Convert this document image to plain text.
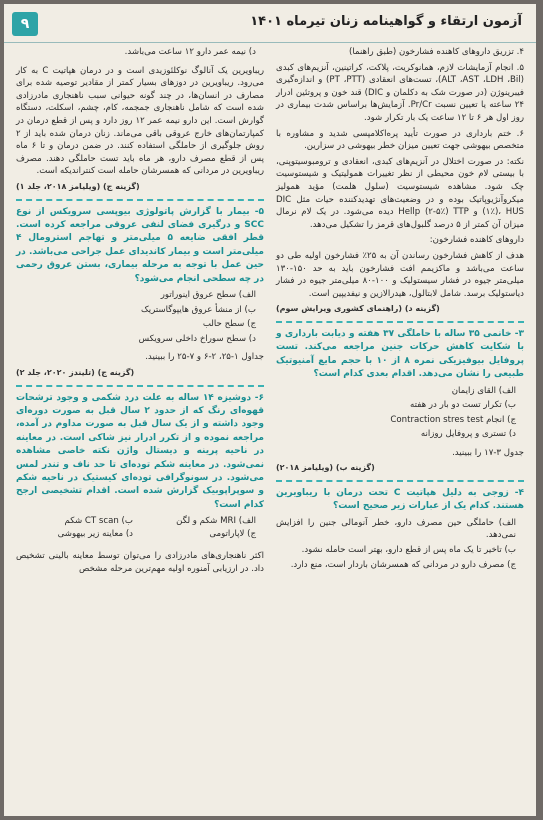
۹	آزمون ارتقاء و گواهینامه زنان تیرماه ۱۴۰۱

۴. تزریق داروهای کاهنده فشارخون (طبق راهنما)

۵. انجام آزمایشات لازم، همانوکریت، پلاکت، کراتینین، آنزیم‌های کبدی (ALT ،AST ،LDH ،Bil)، تست‌های انعقادی (PT ،PTT) و اندازه‌گیری فیبرینوژن (در صورت شک به دکلمان و DIC) قند خون و پروتئین ادرار ۲۴ ساعته یا تعیین نسبت Pr/Cr. آزمایش‌ها براساس شدت بیماری در روز اول هر ۶ تا ۱۲ ساعت یک بار تکرار شود.

۶. ختم بارداری در صورت تأیید پره‌اکلامپسی شدید و مشاوره با متخصص بیهوشی جهت تعیین میزان خطر بیهوشی در سزارین.

نکته: در صورت اختلال در آنزیم‌های کبدی، انعقادی و ترومبوسیتوپنی، با بیستی لام خون محیطی از نظر تغییرات همولیتیک و شیستوسیت چک شود. مشاهده شیستوسیت (سلول هلمت) مؤید همولیز میکروآنژیوپاتیک بوده و در وضعیت‌های تهدیدکننده حیات مثل DIC (۱٪)، HUS و Hellp (۲-۵٪) TTP دیده می‌شود. در یک لام نرمال میزان آن کمتر از ۵ درصد گلبول‌های قرمز را تشکیل می‌دهد.

داروهای کاهنده فشارخون:

هدف از کاهش فشارخون رساندن آن به ۲۵٪ فشارخون اولیه طی دو ساعت می‌باشد و ماکزیمم افت فشارخون باید به حد ۱۵۰-۱۳۰ میلی‌متر جیوه در فشار سیستولیک و ۱۰۰-۸۰ میلی‌متر جیوه در فشار دیاستولیک برسد. شامل لابتالول، هیدرالازین و نیفدیپین است.

(گزینه د) (راهنمای کشوری ویرایش سوم)
۳- خانمی ۳۵ ساله با حاملگی ۳۷ هفته و دیابت بارداری و با شکایت کاهش حرکات جنین مراجعه می‌کند. تست پروفایل بیوفیزیکی نمره ۸ از ۱۰ با حجم مایع آمنیوتیک طبیعی را نشان می‌دهد. اقدام بعدی کدام است؟
الف) القای زایمان
ب) تکرار تست دو بار در هفته
ج) انجام Contraction stres test
د) تستری و پروفایل روزانه

جدول ۳-۱۷ را ببینید.

(گزینه ب) (ویلیامز ۲۰۱۸)
۴- زوجی به دلیل هپاتیت C تحت درمان با ریباویرین هستند. کدام یک از عبارات زیر صحیح است؟
الف) حاملگی حین مصرف دارو، خطر آنومالی جنین را افزایش نمی‌دهد.
ب) تاخیر تا یک ماه پس از قطع دارو، بهتر است حامله نشود.
ج) مصرف دارو در مردانی که همسرشان باردار است، منع دارد.
د) نیمه عمر دارو ۱۲ ساعت می‌باشد.

ریباویرین یک آنالوگ نوکلئوزیدی است و در درمان هپاتیت C به کار می‌رود. ریباویرین در دوزهای بسیار کمتر از مقادیر توصیه شده برای مصارف در انسان‌ها، در چند گونه حیوانی سبب ناهنجاری مادرزادی شده است که شامل ناهنجاری جمجمه، کام، چشم، اسکلت، دستگاه گوارش است. این دارو نیمه عمر ۱۲ روز دارد و پس از قطع درمان در کمپارتمان‌های خارج عروقی باقی می‌ماند. زنان درمان شده باید از ۲ روش جلوگیری از حاملگی استفاده کنند. در ضمن درمان و تا ۶ ماه پس از قطع مصرف دارو، هر ماه باید تست حاملگی دهند. مصرف ریباویرین در مردانی که همسرشان حامله است کنتراندیکه است.

(گزینه ج) (ویلیامز ۲۰۱۸، جلد ۱)
۵- بیمار با گزارش پاتولوژی بیوپسی سرویکس از نوع SCC و درگیری فضای لنفی عروقی مراجعه کرده است. قطر افقی ضایعه ۵ میلی‌متر و تهاجم استرومال ۴ میلی‌متر است و بیمار کاندیدای عمل جراحی می‌باشد. در حین عمل با توجه به مرحله بیماری، بستن عروق رحمی در چه سطحی انجام می‌شود؟
الف) سطح عروق اینوراتور
ب) از منشأ عروق هایپوگاستریک
ج) سطح حالب
د) سطح سوراخ داخلی سرویکس

جداول ۱-۲۵، ۲-۶ و ۷-۲۵ را ببینید.

(گزینه ج) (تلیندز ۲۰۲۰، جلد ۲)
۶- دوشیزه ۱۴ ساله به علت درد شکمی و وجود ترشحات قهوه‌ای رنگ که از حدود ۲ سال قبل به صورت دوره‌ای وجود داشته و از یک سال قبل به صورت مداوم در آمده، مراجعه نموده و از تکرر ادرار نیز شاکی است. در معاینه در ناحیه پرینه و دیستال واژن نکته خاصی مشاهده نمی‌شود. در معاینه شکم توده‌ای تا حد ناف و تندر لمس می‌شود. در سونوگرافی توده‌ای کیستیک در ناحیه شکم و سوپراپوبیک گزارش شده است. اقدام تشخیصی ارجح کدام است؟
الف) MRI شکم و لگن
ب) CT scan شکم
ج) لاپاراتومی
د) معاینه زیر بیهوشی

اکثر ناهنجاری‌های مادرزادی را می‌توان توسط معاینه بالینی تشخیص داد. در ارزیابی آمنوره اولیه مهم‌ترین مرحله مشخص
